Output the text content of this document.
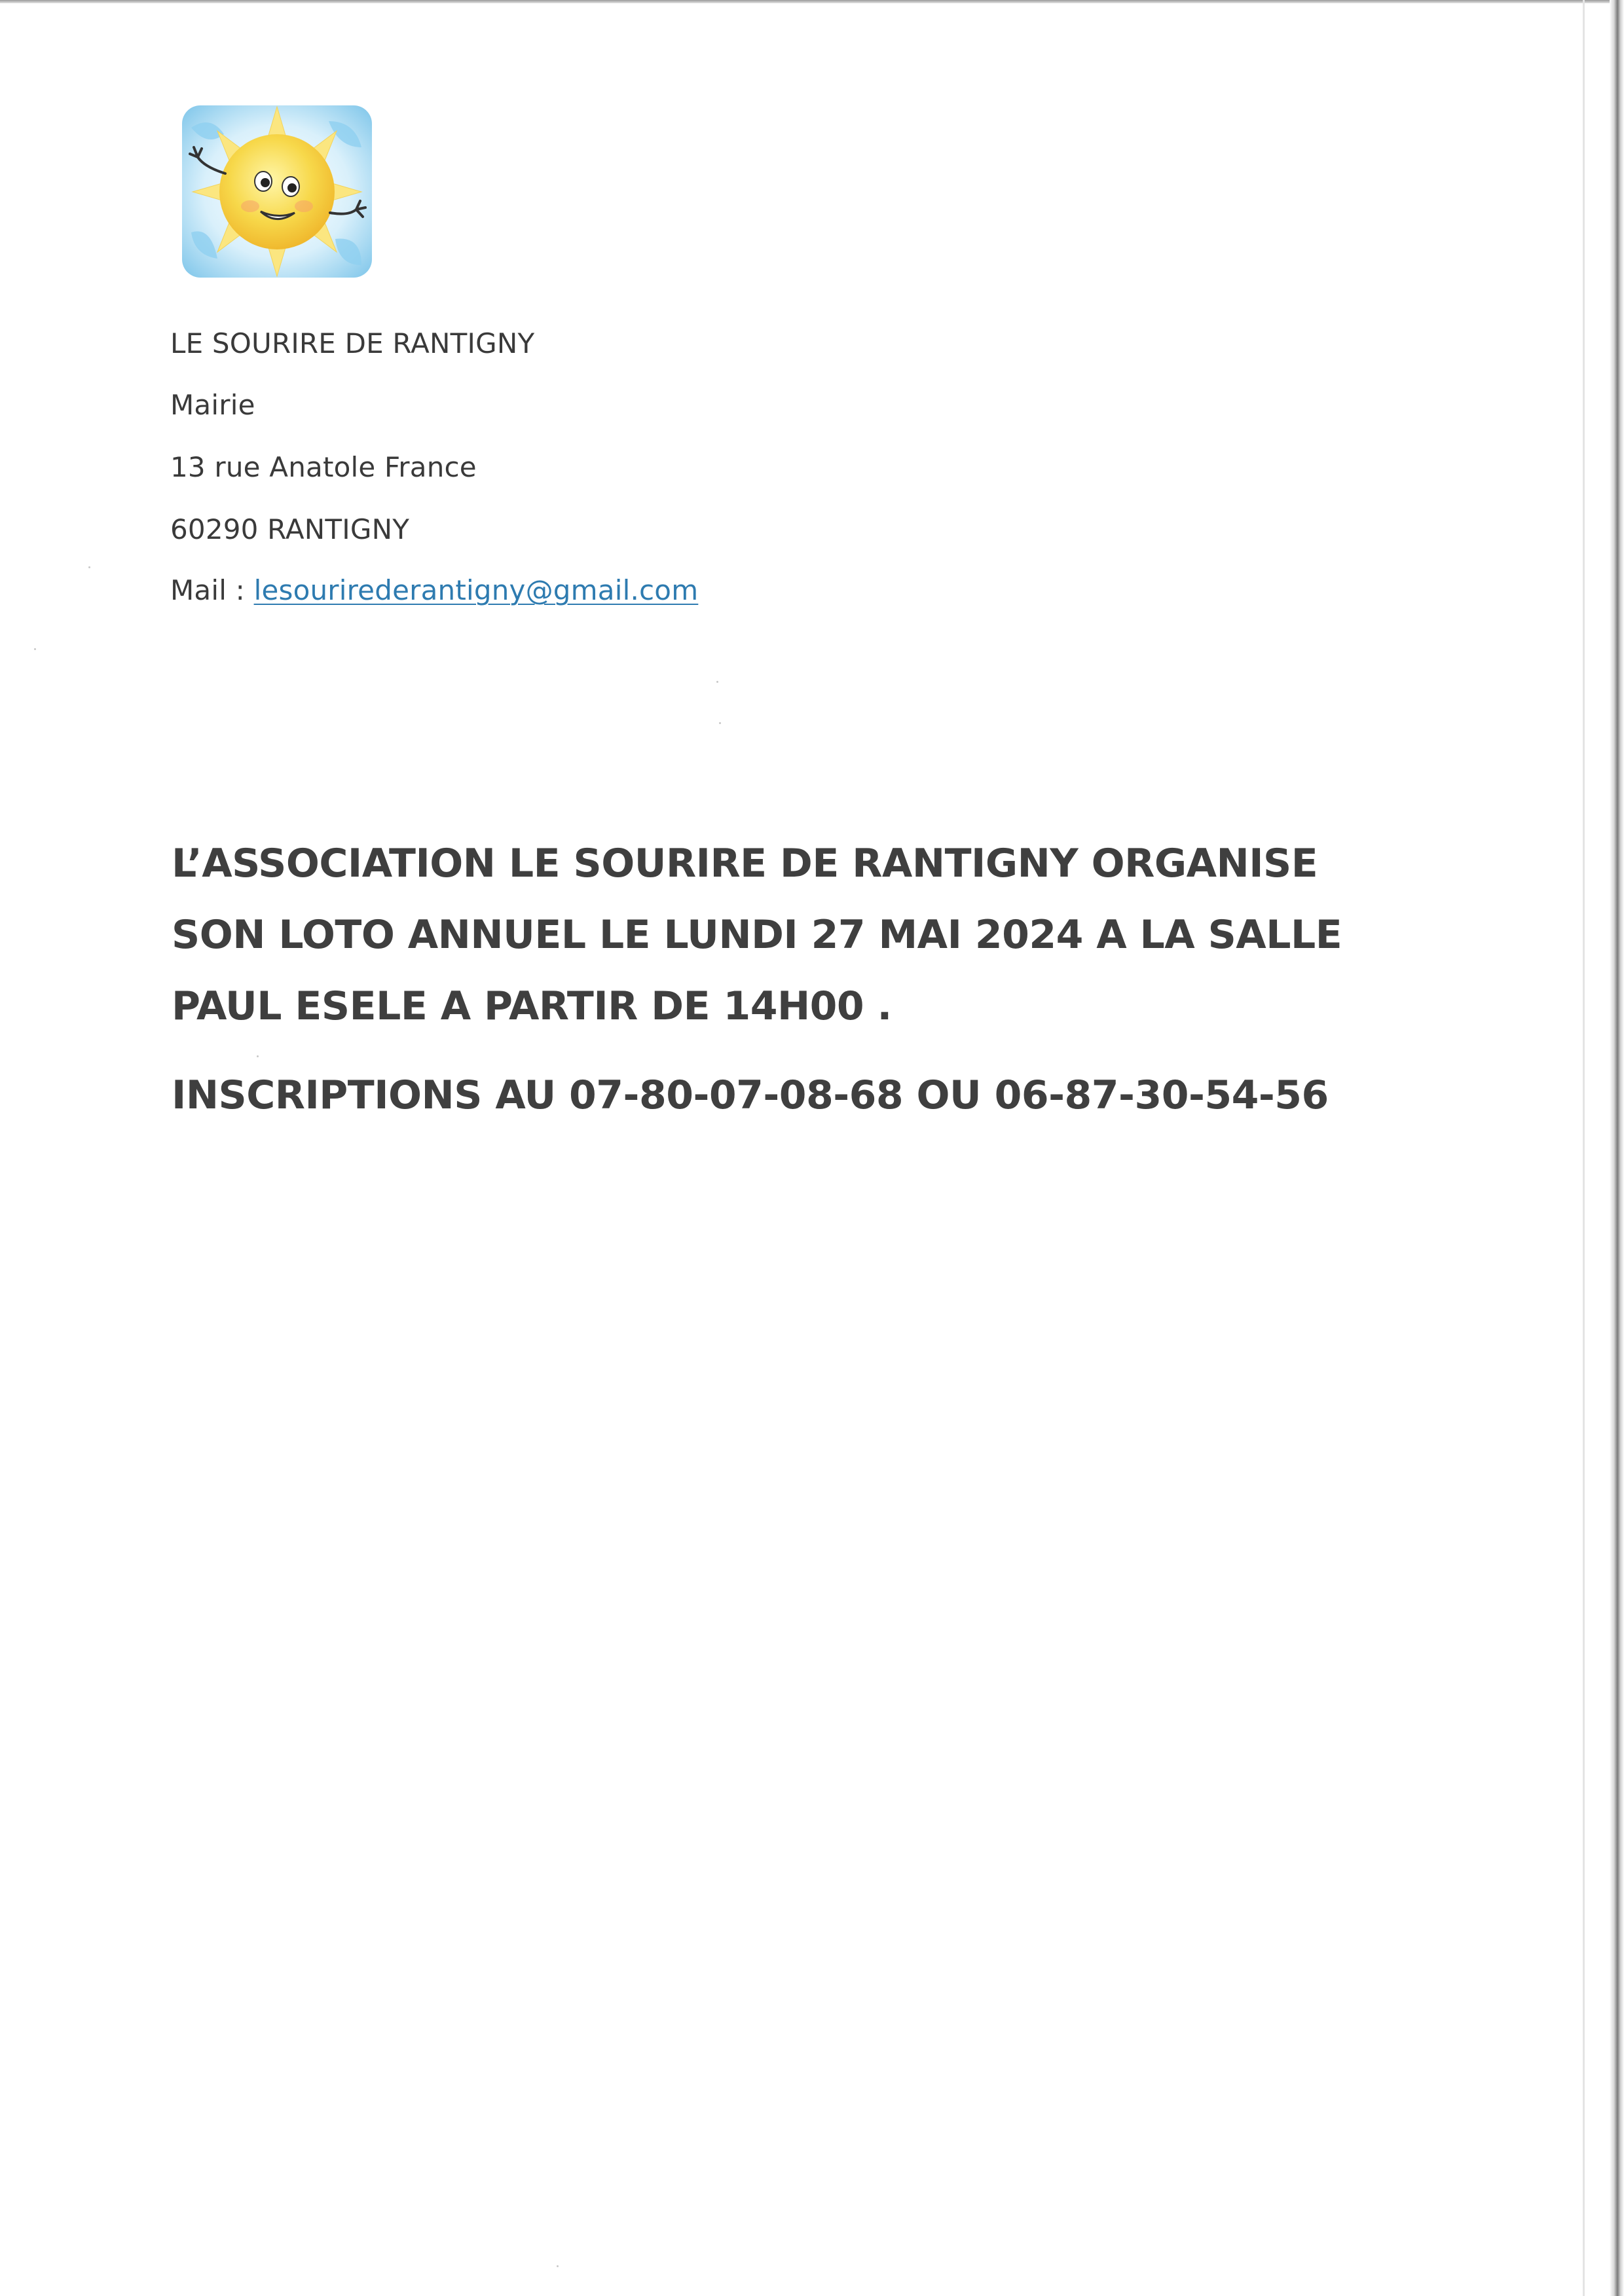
LE SOURIRE DE RANTIGNY
Mairie
13 rue Anatole France
60290 RANTIGNY
Mail : lesourirederantigny@gmail.com
L’ASSOCIATION LE SOURIRE DE RANTIGNY ORGANISE
SON LOTO ANNUEL LE LUNDI 27 MAI 2024 A LA SALLE
PAUL ESELE A PARTIR DE 14H00 .
INSCRIPTIONS AU 07-80-07-08-68 OU 06-87-30-54-56
